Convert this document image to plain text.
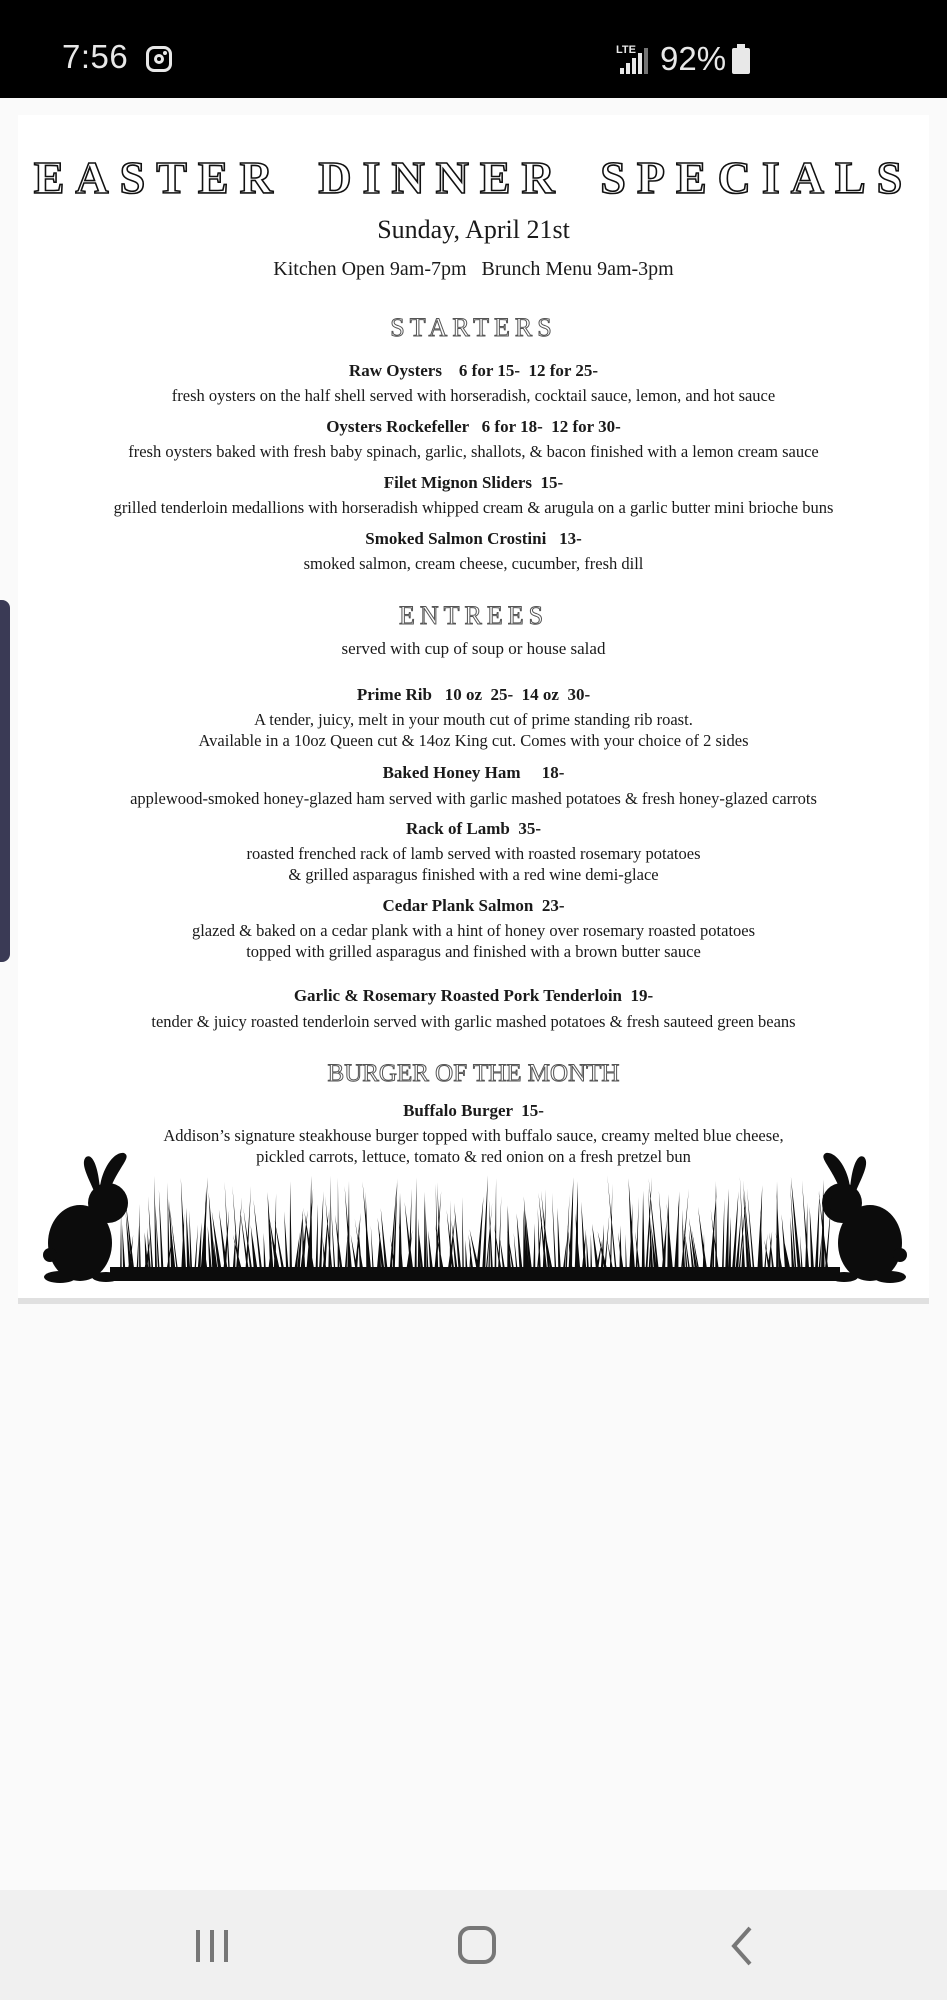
7:56	LTE 92%
EASTER DINNER SPECIALS
Sunday, April 21st
Kitchen Open 9am-7pm   Brunch Menu 9am-3pm
STARTERS
Raw Oysters    6 for 15-  12 for 25-
fresh oysters on the half shell served with horseradish, cocktail sauce, lemon, and hot sauce
Oysters Rockefeller   6 for 18-  12 for 30-
fresh oysters baked with fresh baby spinach, garlic, shallots, & bacon finished with a lemon cream sauce
Filet Mignon Sliders  15-
grilled tenderloin medallions with horseradish whipped cream & arugula on a garlic butter mini brioche buns
Smoked Salmon Crostini   13-
smoked salmon, cream cheese, cucumber, fresh dill
ENTREES
served with cup of soup or house salad
Prime Rib   10 oz  25-  14 oz  30-
A tender, juicy, melt in your mouth cut of prime standing rib roast.
Available in a 10oz Queen cut & 14oz King cut. Comes with your choice of 2 sides
Baked Honey Ham     18-
applewood-smoked honey-glazed ham served with garlic mashed potatoes & fresh honey-glazed carrots
Rack of Lamb  35-
roasted frenched rack of lamb served with roasted rosemary potatoes
& grilled asparagus finished with a red wine demi-glace
Cedar Plank Salmon  23-
glazed & baked on a cedar plank with a hint of honey over rosemary roasted potatoes
topped with grilled asparagus and finished with a brown butter sauce
Garlic & Rosemary Roasted Pork Tenderloin  19-
tender & juicy roasted tenderloin served with garlic mashed potatoes & fresh sauteed green beans
BURGER OF THE MONTH
Buffalo Burger  15-
Addison’s signature steakhouse burger topped with buffalo sauce, creamy melted blue cheese,
pickled carrots, lettuce, tomato & red onion on a fresh pretzel bun
